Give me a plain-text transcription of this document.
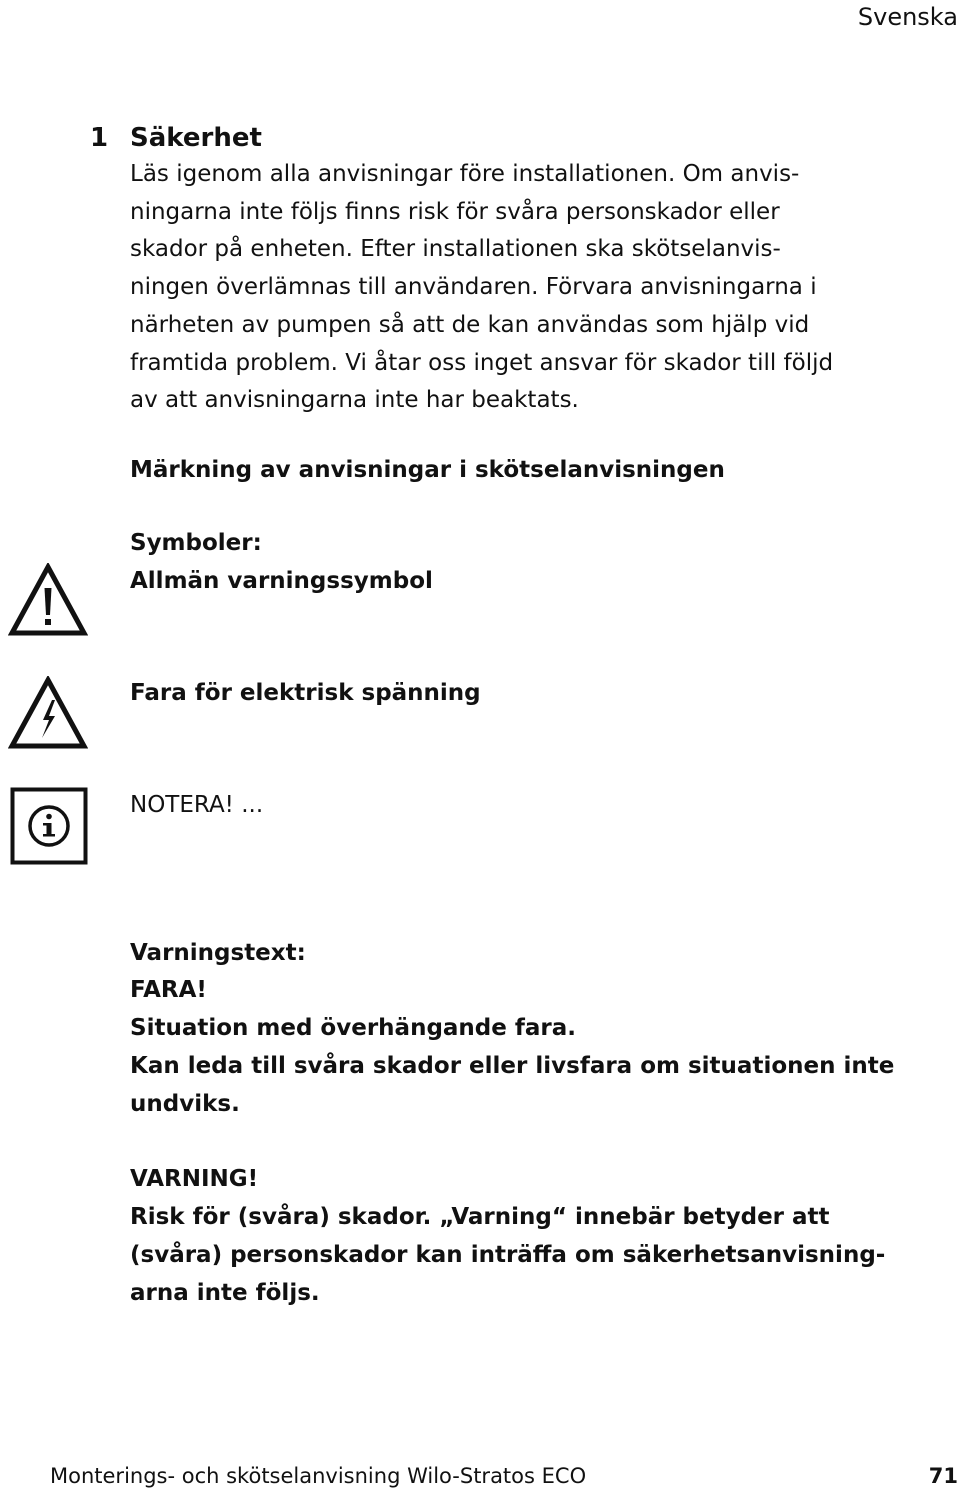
Svenska
1 Säkerhet
Läs igenom alla anvisningar före installationen. Om anvis-
ningarna inte följs finns risk för svåra personskador eller
skador på enheten. Efter installationen ska skötselanvis-
ningen överlämnas till användaren. Förvara anvisningarna i
närheten av pumpen så att de kan användas som hjälp vid
framtida problem. Vi åtar oss inget ansvar för skador till följd
av att anvisningarna inte har beaktats.
Märkning av anvisningar i skötselanvisningen
Symboler:
Allmän varningssymbol
Fara för elektrisk spänning
NOTERA! ...
Varningstext:
FARA!
Situation med överhängande fara.
Kan leda till svåra skador eller livsfara om situationen inte
undviks.
VARNING!
Risk för (svåra) skador. „Varning“ innebär betyder att
(svåra) personskador kan inträffa om säkerhetsanvisning-
arna inte följs.
Monterings- och skötselanvisning Wilo-Stratos ECO	71
